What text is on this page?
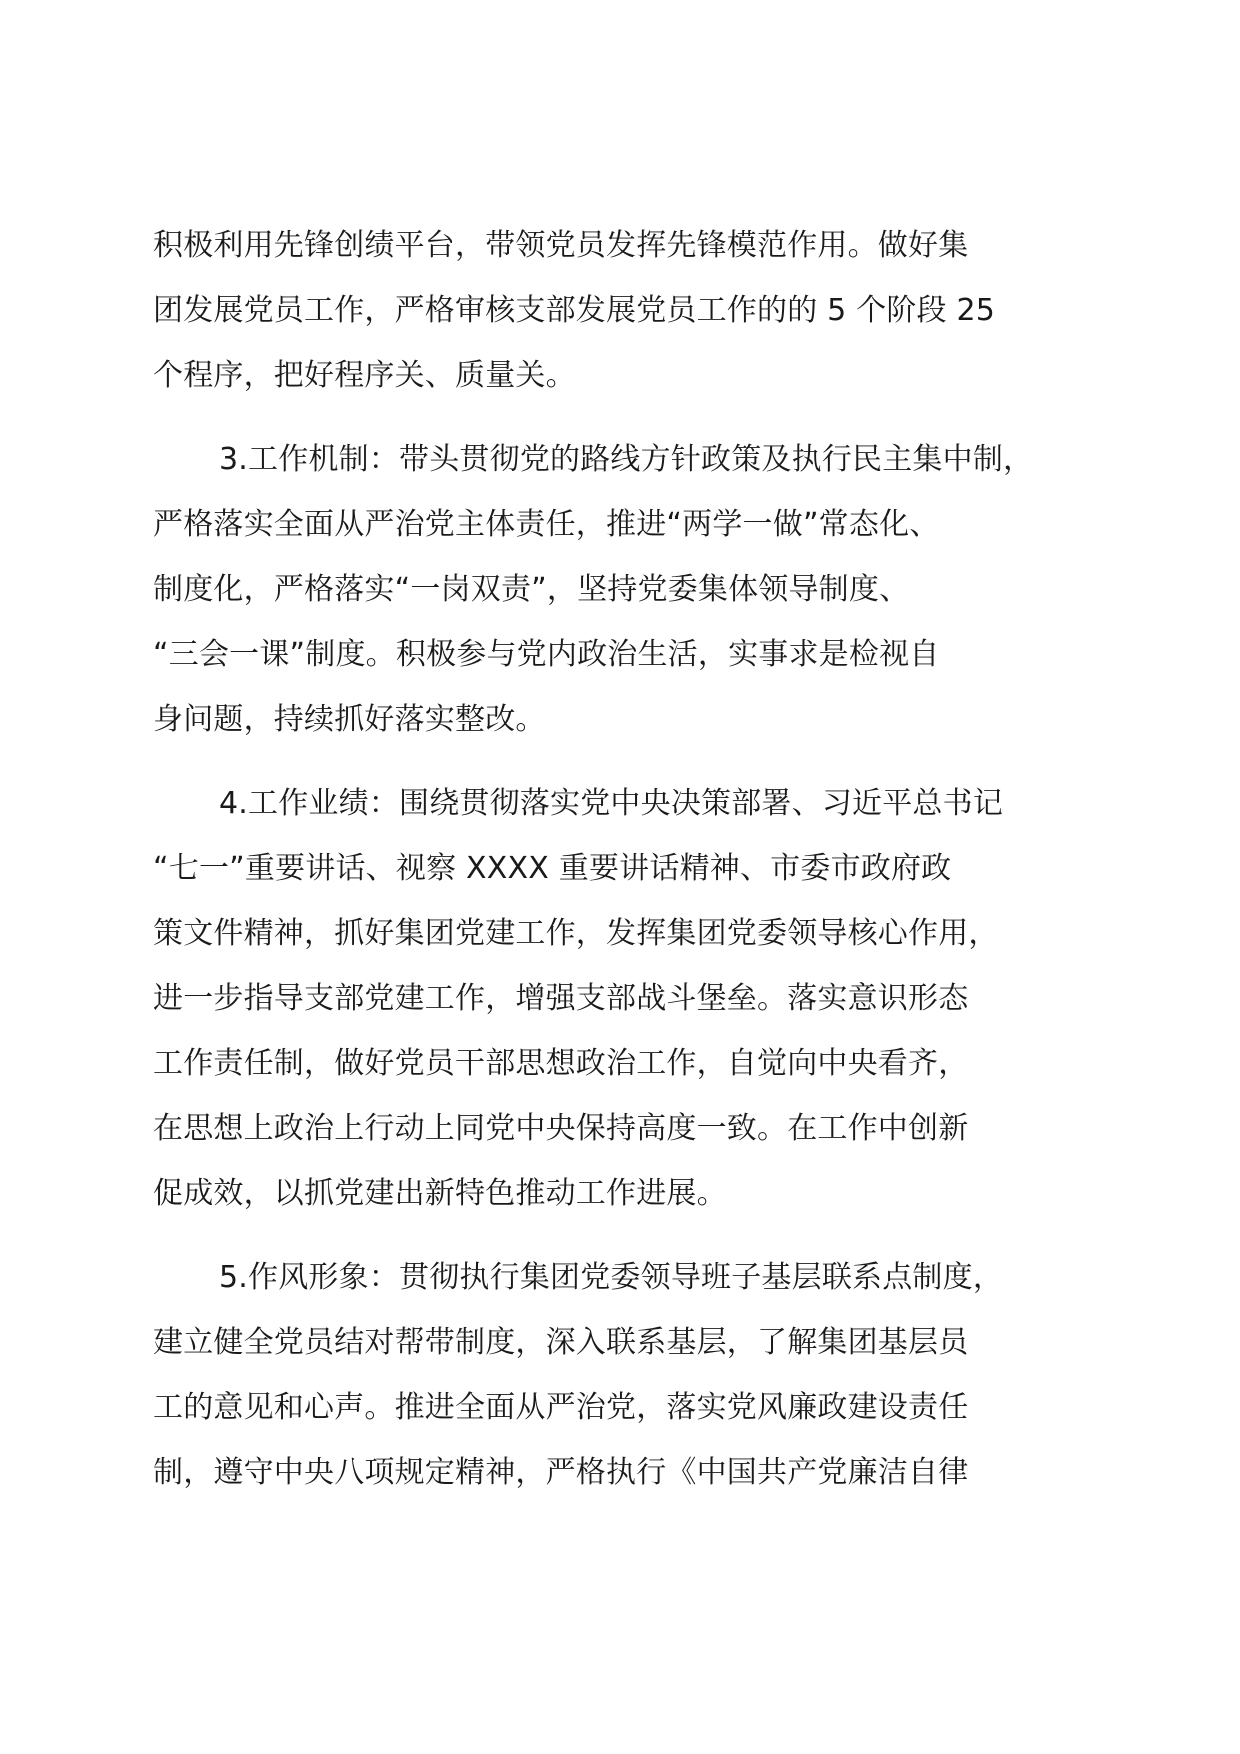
积极利用先锋创绩平台，带领党员发挥先锋模范作用。做好集
团发展党员工作，严格审核支部发展党员工作的的 5 个阶段 25
个程序，把好程序关、质量关。
3.工作机制：带头贯彻党的路线方针政策及执行民主集中制，
严格落实全面从严治党主体责任，推进“两学一做”常态化、
制度化，严格落实“一岗双责”，坚持党委集体领导制度、
“三会一课”制度。积极参与党内政治生活，实事求是检视自
身问题，持续抓好落实整改。
4.工作业绩：围绕贯彻落实党中央决策部署、习近平总书记
“七一”重要讲话、视察 XXXX 重要讲话精神、市委市政府政
策文件精神，抓好集团党建工作，发挥集团党委领导核心作用，
进一步指导支部党建工作，增强支部战斗堡垒。落实意识形态
工作责任制，做好党员干部思想政治工作，自觉向中央看齐，
在思想上政治上行动上同党中央保持高度一致。在工作中创新
促成效，以抓党建出新特色推动工作进展。
5.作风形象：贯彻执行集团党委领导班子基层联系点制度，
建立健全党员结对帮带制度，深入联系基层，了解集团基层员
工的意见和心声。推进全面从严治党，落实党风廉政建设责任
制，遵守中央八项规定精神，严格执行《中国共产党廉洁自律
